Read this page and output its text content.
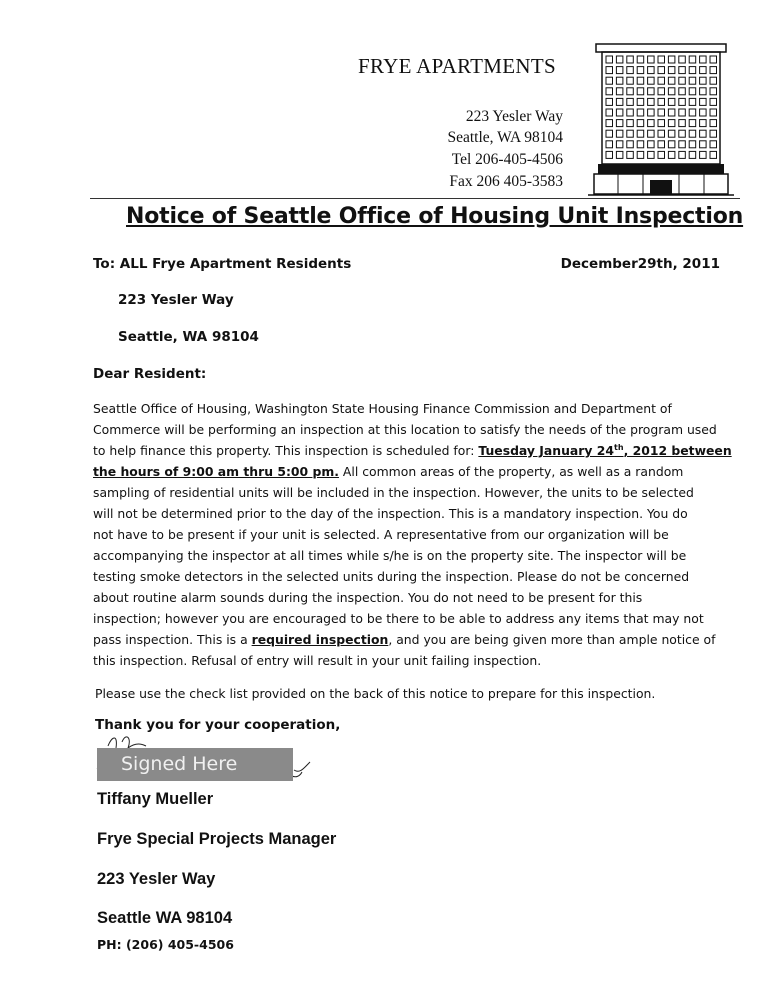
FRYE APARTMENTS
223 Yesler Way
Seattle, WA 98104
Tel 206-405-4506
Fax 206 405-3583
Notice of Seattle Office of Housing Unit Inspection
To: ALL Frye Apartment Residents	December29th, 2011
223 Yesler Way
Seattle, WA 98104
Dear Resident:
Seattle Office of Housing, Washington State Housing Finance Commission and Department of
Commerce will be performing an inspection at this location to satisfy the needs of the program used
to help finance this property. This inspection is scheduled for: Tuesday January 24th, 2012 between
the hours of 9:00 am thru 5:00 pm. All common areas of the property, as well as a random
sampling of residential units will be included in the inspection. However, the units to be selected
will not be determined prior to the day of the inspection. This is a mandatory inspection. You do
not have to be present if your unit is selected. A representative from our organization will be
accompanying the inspector at all times while s/he is on the property site. The inspector will be
testing smoke detectors in the selected units during the inspection. Please do not be concerned
about routine alarm sounds during the inspection. You do not need to be present for this
inspection; however you are encouraged to be there to be able to address any items that may not
pass inspection. This is a required inspection, and you are being given more than ample notice of
this inspection. Refusal of entry will result in your unit failing inspection.
Please use the check list provided on the back of this notice to prepare for this inspection.
Thank you for your cooperation,
Signed Here
Tiffany Mueller
Frye Special Projects Manager
223 Yesler Way
Seattle WA 98104
PH: (206) 405-4506
